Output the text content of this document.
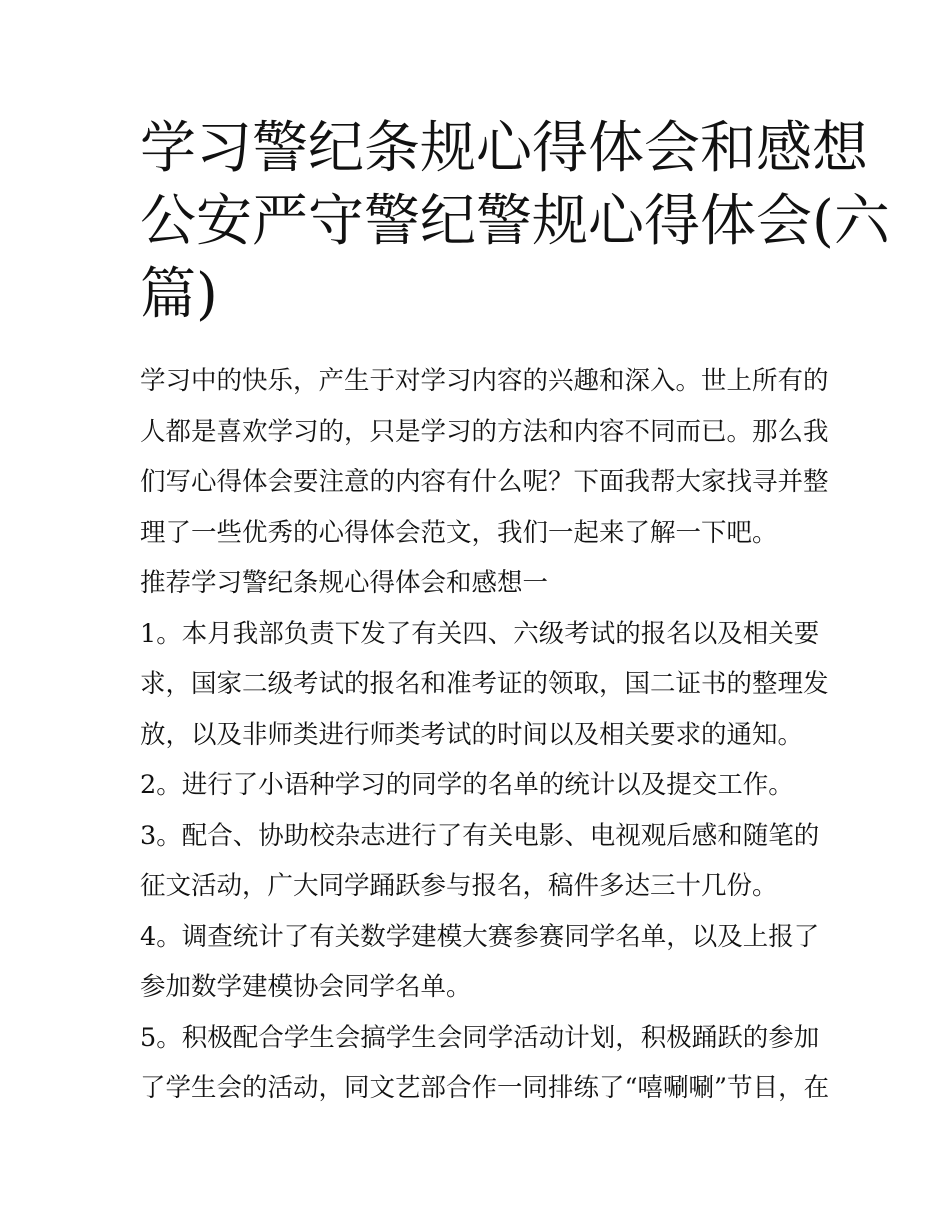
学习警纪条规心得体会和感想
公安严守警纪警规心得体会(六
篇)
学习中的快乐，产生于对学习内容的兴趣和深入。世上所有的
人都是喜欢学习的，只是学习的方法和内容不同而已。那么我
们写心得体会要注意的内容有什么呢？下面我帮大家找寻并整
理了一些优秀的心得体会范文，我们一起来了解一下吧。
推荐学习警纪条规心得体会和感想一
1。本月我部负责下发了有关四、六级考试的报名以及相关要
求，国家二级考试的报名和准考证的领取，国二证书的整理发
放，以及非师类进行师类考试的时间以及相关要求的通知。
2。进行了小语种学习的同学的名单的统计以及提交工作。
3。配合、协助校杂志进行了有关电影、电视观后感和随笔的
征文活动，广大同学踊跃参与报名，稿件多达三十几份。
4。调查统计了有关数学建模大赛参赛同学名单，以及上报了
参加数学建模协会同学名单。
5。积极配合学生会搞学生会同学活动计划，积极踊跃的参加
了学生会的活动，同文艺部合作一同排练了“嘻唰唰”节目，在
